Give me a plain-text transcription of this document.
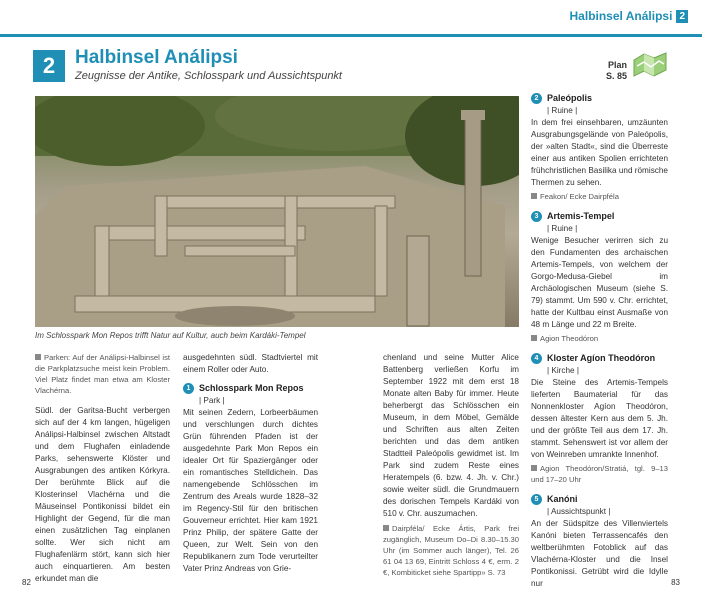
Halbinsel Análipsi 2
2	Halbinsel Análipsi
Zeugnisse der Antike, Schlosspark und Aussichtspunkt
Plan
S. 85
Im Schlosspark Mon Repos trifft Natur auf Kultur, auch beim Kardáki-Tempel

Parken: Auf der Análipsi-Halbinsel ist die Parkplatzsuche meist kein Problem. Viel Platz findet man etwa am Kloster Vlachérna.

Südl. der Garitsa-Bucht verbergen sich auf der 4 km langen, hügeligen Análipsi-Halbinsel zwischen Altstadt und dem Flughafen einladende Parks, sehenswerte Klöster und Ausgrabungen des antiken Kórkyra. Der berühmte Blick auf die Klosterinsel Vlachérna und die Mäuseinsel Pontikonissi bildet ein Highlight der Gegend, für die man einen zusätzlichen Tag einplanen sollte. Wer sich nicht am Flughafenlärm stört, kann sich hier auch einquartieren. Am besten erkundet man die

ausgedehnten südl. Stadtviertel mit einem Roller oder Auto.

1 Schlosspark Mon Repos
| Park |

Mit seinen Zedern, Lorbeerbäumen und verschlungen durch dichtes Grün führenden Pfaden ist der ausgedehnte Park Mon Repos ein idealer Ort für Spaziergänger oder ein romantisches Stelldichein. Das namengebende Schlösschen im Zentrum des Areals wurde 1828–32 im Regency-Stil für den britischen Gouverneur errichtet. Hier kam 1921 Prinz Philip, der spätere Gatte der Queen, zur Welt. Sein von den Republikanern zum Tode verurteilter Vater Prinz Andreas von Grie-

chenland und seine Mutter Alice Battenberg verließen Korfu im September 1922 mit dem erst 18 Monate alten Baby für immer. Heute beherbergt das Schlösschen ein Museum, in dem Möbel, Gemälde und Schriften aus alten Zeiten berichten und das dem antiken Stadtteil Paleópolis gewidmet ist. Im Park sind zudem Reste eines Heratempels (6. bzw. 4. Jh. v. Chr.) sowie weiter südl. die Grundmauern des dorischen Tempels Kardáki von 510 v. Chr. auszumachen.

Dairpféla/ Ecke Ártis, Park frei zugänglich, Museum Do–Di 8.30–15.30 Uhr (im Sommer auch länger), Tel. 26 61 04 13 69, Eintritt Schloss 4 €, erm. 2 €, Kombiticket siehe Spartipp» S. 73

2 Paleópolis
| Ruine |

In dem frei einsehbaren, umzäunten Ausgrabungsgelände von Paleópolis, der »alten Stadt«, sind die Überreste einer aus antiken Spolien errichteten frühchristlichen Basilika und römische Thermen zu sehen.

Feakon/ Ecke Dairpféla

3 Artemis-Tempel
| Ruine |

Wenige Besucher verirren sich zu den Fundamenten des archaischen Artemis-Tempels, von welchem der Gorgo-Medusa-Giebel im Archäologischen Museum (siehe S. 79) stammt. Um 590 v. Chr. errichtet, hatte der Kultbau einst Ausmaße von 48 m Länge und 22 m Breite.

Agion Theodóron

4 Kloster Agíon Theodóron
| Kirche |

Die Steine des Artemis-Tempels lieferten Baumaterial für das Nonnenkloster Agíon Theodóron, dessen ältester Kern aus dem 5. Jh. und der größte Teil aus dem 17. Jh. stammt. Sehenswert ist vor allem der von Weinreben umrankte Innenhof.

Agion Theodóron/Stratiá, tgl. 9–13 und 17–20 Uhr

5 Kanóni
| Aussichtspunkt |

An der Südspitze des Villenviertels Kanóni bieten Terrassencafés den weltberühmten Fotoblick auf das Vlachérna-Kloster und die Insel Pontikonissi. Getrübt wird die Idylle nur

82	83
